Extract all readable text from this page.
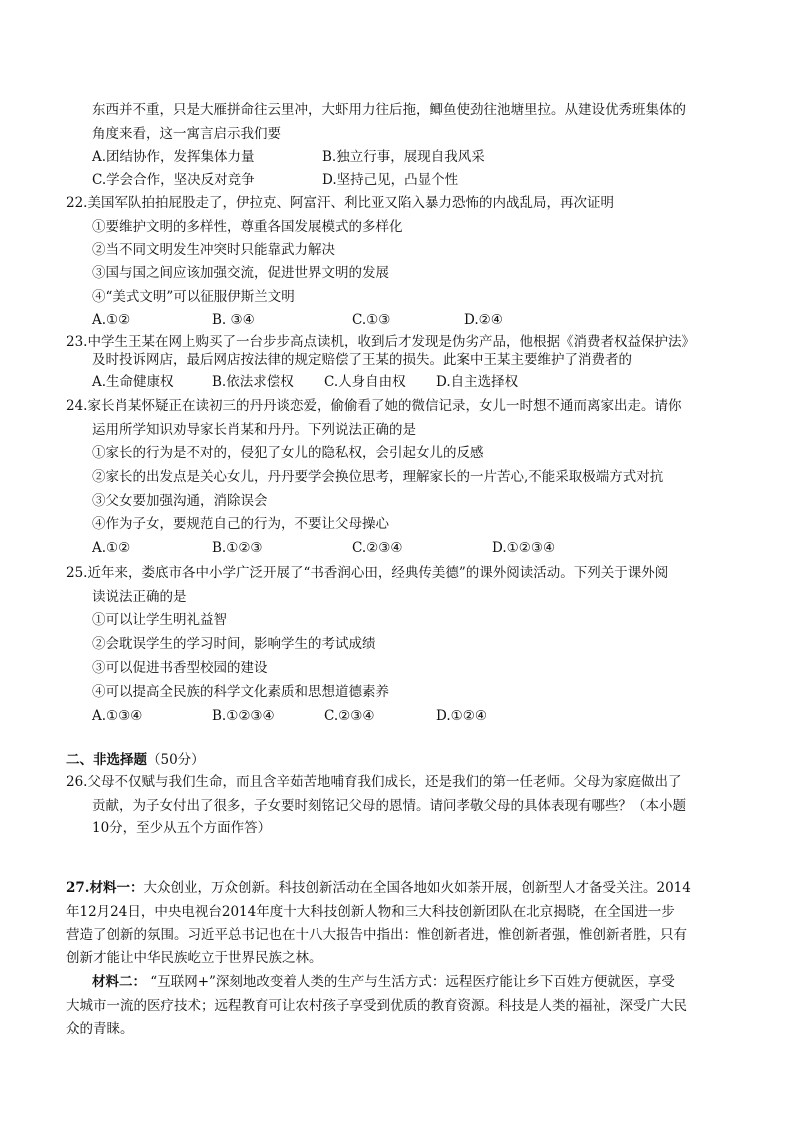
东西并不重，只是大雁拼命往云里冲，大虾用力往后拖，鲫鱼使劲往池塘里拉。从建设优秀班集体的
角度来看，这一寓言启示我们要
A.团结协作，发挥集体力量	B.独立行事，展现自我风采
C.学会合作，坚决反对竞争	D.坚持己见，凸显个性
22.美国军队拍拍屁股走了，伊拉克、阿富汗、利比亚又陷入暴力恐怖的内战乱局，再次证明
①要维护文明的多样性，尊重各国发展模式的多样化
②当不同文明发生冲突时只能靠武力解决
③国与国之间应该加强交流，促进世界文明的发展
④“美式文明”可以征服伊斯兰文明
A.①②	B. ③④	C.①③	D.②④
23.中学生王某在网上购买了一台步步高点读机，收到后才发现是伪劣产品，他根据《消费者权益保护法》
及时投诉网店，最后网店按法律的规定赔偿了王某的损失。此案中王某主要维护了消费者的
A.生命健康权	B.依法求偿权 C.人身自由权 D.自主选择权
24.家长肖某怀疑正在读初三的丹丹谈恋爱，偷偷看了她的微信记录，女儿一时想不通而离家出走。请你
运用所学知识劝导家长肖某和丹丹。下列说法正确的是
①家长的行为是不对的，侵犯了女儿的隐私权，会引起女儿的反感
②家长的出发点是关心女儿，丹丹要学会换位思考，理解家长的一片苦心,不能采取极端方式对抗
③父女要加强沟通，消除误会
④作为子女，要规范自己的行为，不要让父母操心
A.①②	B.①②③	C.②③④	D.①②③④
25.近年来，娄底市各中小学广泛开展了“书香润心田，经典传美德”的课外阅读活动。下列关于课外阅
读说法正确的是
①可以让学生明礼益智
②会耽误学生的学习时间，影响学生的考试成绩
③可以促进书香型校园的建设
④可以提高全民族的科学文化素质和思想道德素养
A.①③④	B.①②③④	C.②③④	D.①②④
二、非选择题（50分）
26.父母不仅赋与我们生命，而且含辛茹苦地哺育我们成长，还是我们的第一任老师。父母为家庭做出了
贡献，为子女付出了很多，子女要时刻铭记父母的恩情。请问孝敬父母的具体表现有哪些？（本小题
10分，至少从五个方面作答）
27.材料一：大众创业，万众创新。科技创新活动在全国各地如火如荼开展，创新型人才备受关注。2014
年12月24日，中央电视台2014年度十大科技创新人物和三大科技创新团队在北京揭晓，在全国进一步
营造了创新的氛围。习近平总书记也在十八大报告中指出：惟创新者进，惟创新者强，惟创新者胜，只有
创新才能让中华民族屹立于世界民族之林。
材料二： “互联网+”深刻地改变着人类的生产与生活方式：远程医疗能让乡下百姓方便就医，享受
大城市一流的医疗技术；远程教育可让农村孩子享受到优质的教育资源。科技是人类的福祉，深受广大民
众的青睐。
